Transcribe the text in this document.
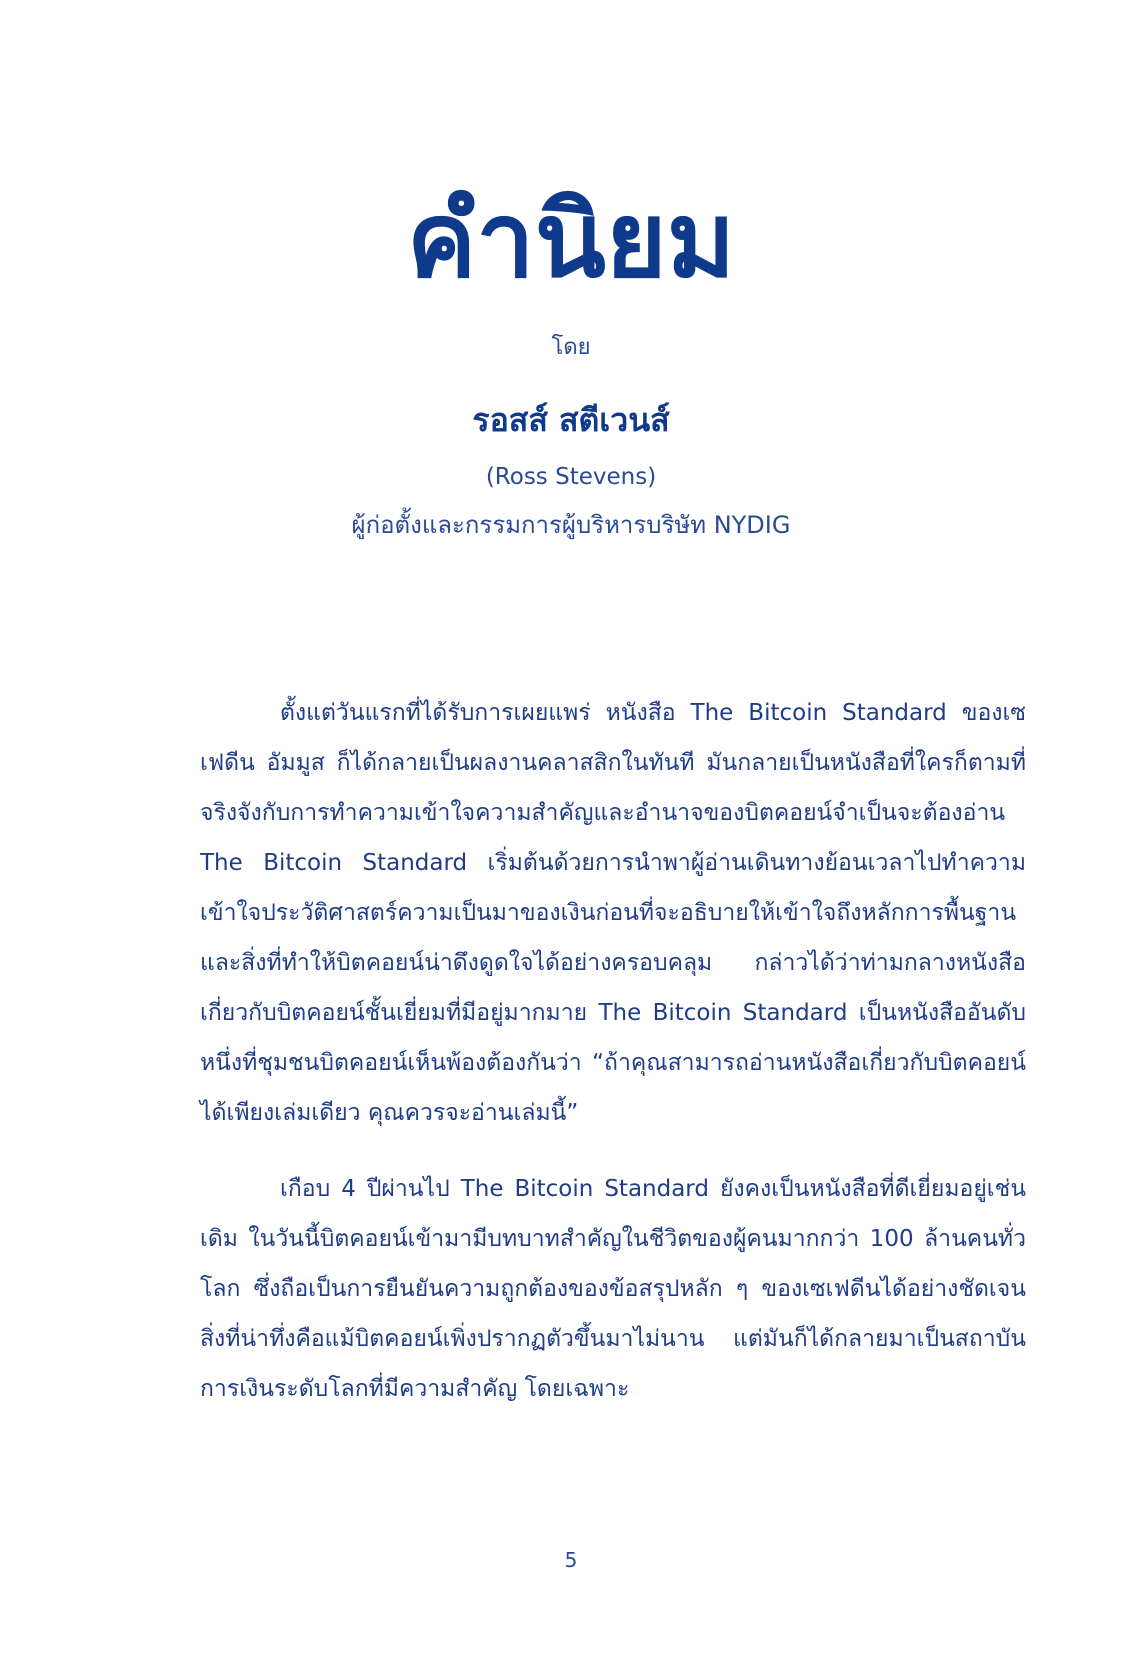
คำนิยม
โดย
รอสส์ สตีเวนส์
(Ross Stevens)
ผู้ก่อตั้งและกรรมการผู้บริหารบริษัท NYDIG

ตั้งแต่วันแรกที่ได้รับการเผยแพร่ หนังสือ The Bitcoin Standard ของเซเฟดีน อัมมูส ก็ได้กลายเป็นผลงานคลาสสิกในทันที มันกลายเป็นหนังสือที่ใครก็ตามที่จริงจังกับการทำความเข้าใจความสำคัญและอำนาจของบิตคอยน์จำเป็นจะต้องอ่าน The Bitcoin Standard เริ่มต้นด้วยการนำพาผู้อ่านเดินทางย้อนเวลาไปทำความเข้าใจประวัติศาสตร์ความเป็นมาของเงินก่อนที่จะอธิบายให้เข้าใจถึงหลักการพื้นฐานและสิ่งที่ทำให้บิตคอยน์น่าดึงดูดใจได้อย่างครอบคลุม กล่าวได้ว่าท่ามกลางหนังสือเกี่ยวกับบิตคอยน์ชั้นเยี่ยมที่มีอยู่มากมาย The Bitcoin Standard เป็นหนังสืออันดับหนึ่งที่ชุมชนบิตคอยน์เห็นพ้องต้องกันว่า “ถ้าคุณสามารถอ่านหนังสือเกี่ยวกับบิตคอยน์ได้เพียงเล่มเดียว คุณควรจะอ่านเล่มนี้”

เกือบ 4 ปีผ่านไป The Bitcoin Standard ยังคงเป็นหนังสือที่ดีเยี่ยมอยู่เช่นเดิม ในวันนี้บิตคอยน์เข้ามามีบทบาทสำคัญในชีวิตของผู้คนมากกว่า 100 ล้านคนทั่วโลก ซึ่งถือเป็นการยืนยันความถูกต้องของข้อสรุปหลัก ๆ ของเซเฟดีนได้อย่างชัดเจน สิ่งที่น่าทึ่งคือแม้บิตคอยน์เพิ่งปรากฏตัวขึ้นมาไม่นาน แต่มันก็ได้กลายมาเป็นสถาบันการเงินระดับโลกที่มีความสำคัญ โดยเฉพาะ

5
